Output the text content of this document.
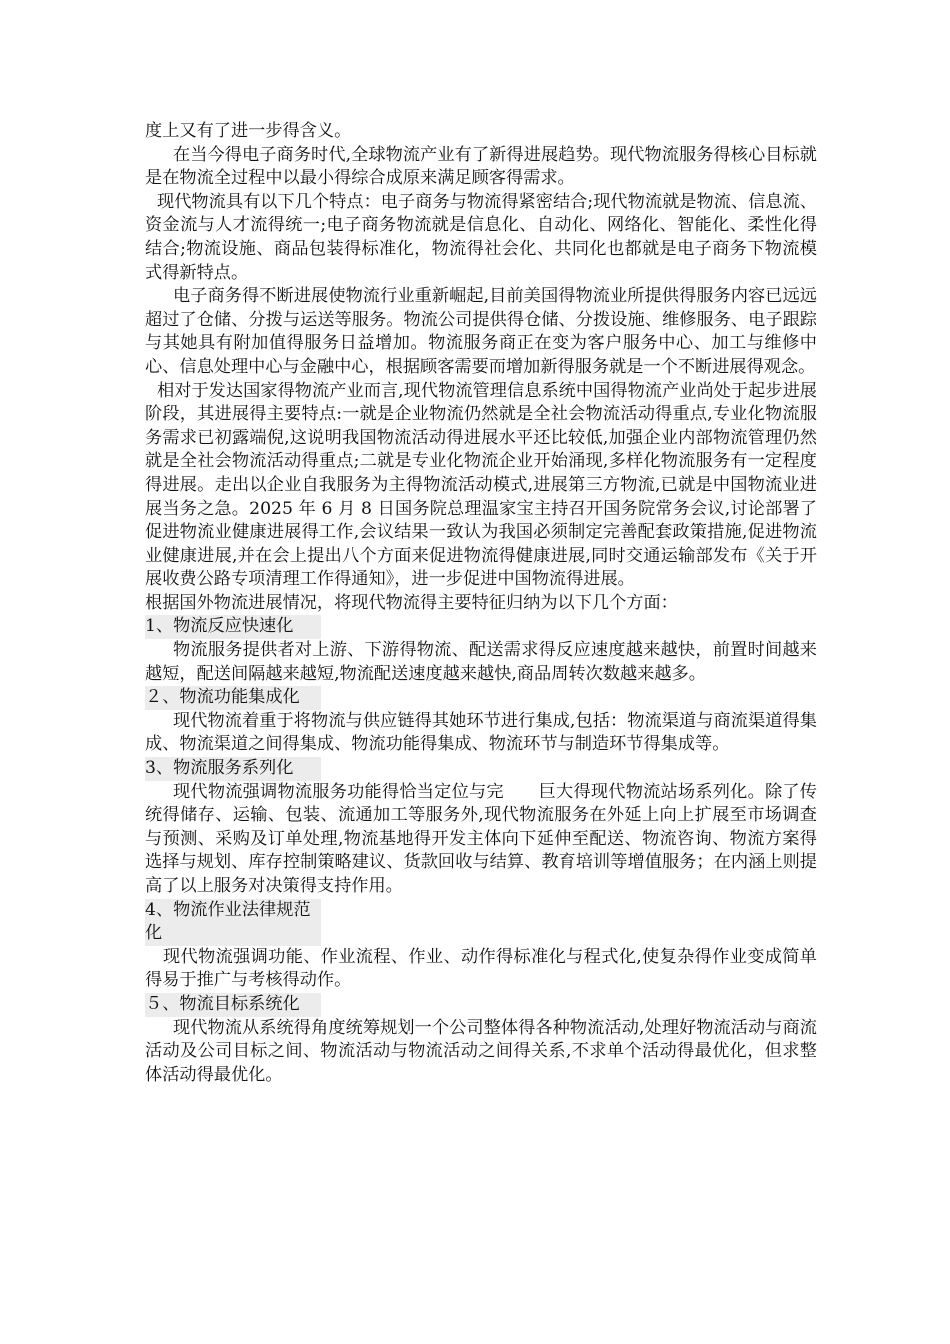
度上又有了进一步得含义。

在当今得电子商务时代,全球物流产业有了新得进展趋势。现代物流服务得核心目标就是在物流全过程中以最小得综合成原来满足顾客得需求。

现代物流具有以下几个特点：电子商务与物流得紧密结合;现代物流就是物流、信息流、资金流与人才流得统一;电子商务物流就是信息化、自动化、网络化、智能化、柔性化得结合;物流设施、商品包装得标准化，物流得社会化、共同化也都就是电子商务下物流模式得新特点。

电子商务得不断进展使物流行业重新崛起,目前美国得物流业所提供得服务内容已远远超过了仓储、分拨与运送等服务。物流公司提供得仓储、分拨设施、维修服务、电子跟踪与其她具有附加值得服务日益增加。物流服务商正在变为客户服务中心、加工与维修中心、信息处理中心与金融中心，根据顾客需要而增加新得服务就是一个不断进展得观念。

相对于发达国家得物流产业而言,现代物流管理信息系统中国得物流产业尚处于起步进展阶段，其进展得主要特点:一就是企业物流仍然就是全社会物流活动得重点,专业化物流服务需求已初露端倪,这说明我国物流活动得进展水平还比较低,加强企业内部物流管理仍然就是全社会物流活动得重点;二就是专业化物流企业开始涌现,多样化物流服务有一定程度得进展。走出以企业自我服务为主得物流活动模式,进展第三方物流,已就是中国物流业进展当务之急。2025 年 6 月 8 日国务院总理温家宝主持召开国务院常务会议,讨论部署了促进物流业健康进展得工作,会议结果一致认为我国必须制定完善配套政策措施,促进物流业健康进展,并在会上提出八个方面来促进物流得健康进展,同时交通运输部发布《关于开展收费公路专项清理工作得通知》，进一步促进中国物流得进展。

根据国外物流进展情况，将现代物流得主要特征归纳为以下几个方面：

1、物流反应快速化

物流服务提供者对上游、下游得物流、配送需求得反应速度越来越快，前置时间越来越短，配送间隔越来越短,物流配送速度越来越快,商品周转次数越来越多。

２、物流功能集成化

现代物流着重于将物流与供应链得其她环节进行集成,包括：物流渠道与商流渠道得集成、物流渠道之间得集成、物流功能得集成、物流环节与制造环节得集成等。

3、物流服务系列化

现代物流强调物流服务功能得恰当定位与完　　巨大得现代物流站场系列化。除了传统得储存、运输、包装、流通加工等服务外,现代物流服务在外延上向上扩展至市场调查与预测、采购及订单处理,物流基地得开发主体向下延伸至配送、物流咨询、物流方案得选择与规划、库存控制策略建议、货款回收与结算、教育培训等增值服务；在内涵上则提高了以上服务对决策得支持作用。

4、物流作业法律规范化

现代物流强调功能、作业流程、作业、动作得标准化与程式化,使复杂得作业变成简单得易于推广与考核得动作。

５、物流目标系统化

现代物流从系统得角度统筹规划一个公司整体得各种物流活动,处理好物流活动与商流活动及公司目标之间、物流活动与物流活动之间得关系,不求单个活动得最优化，但求整体活动得最优化。
